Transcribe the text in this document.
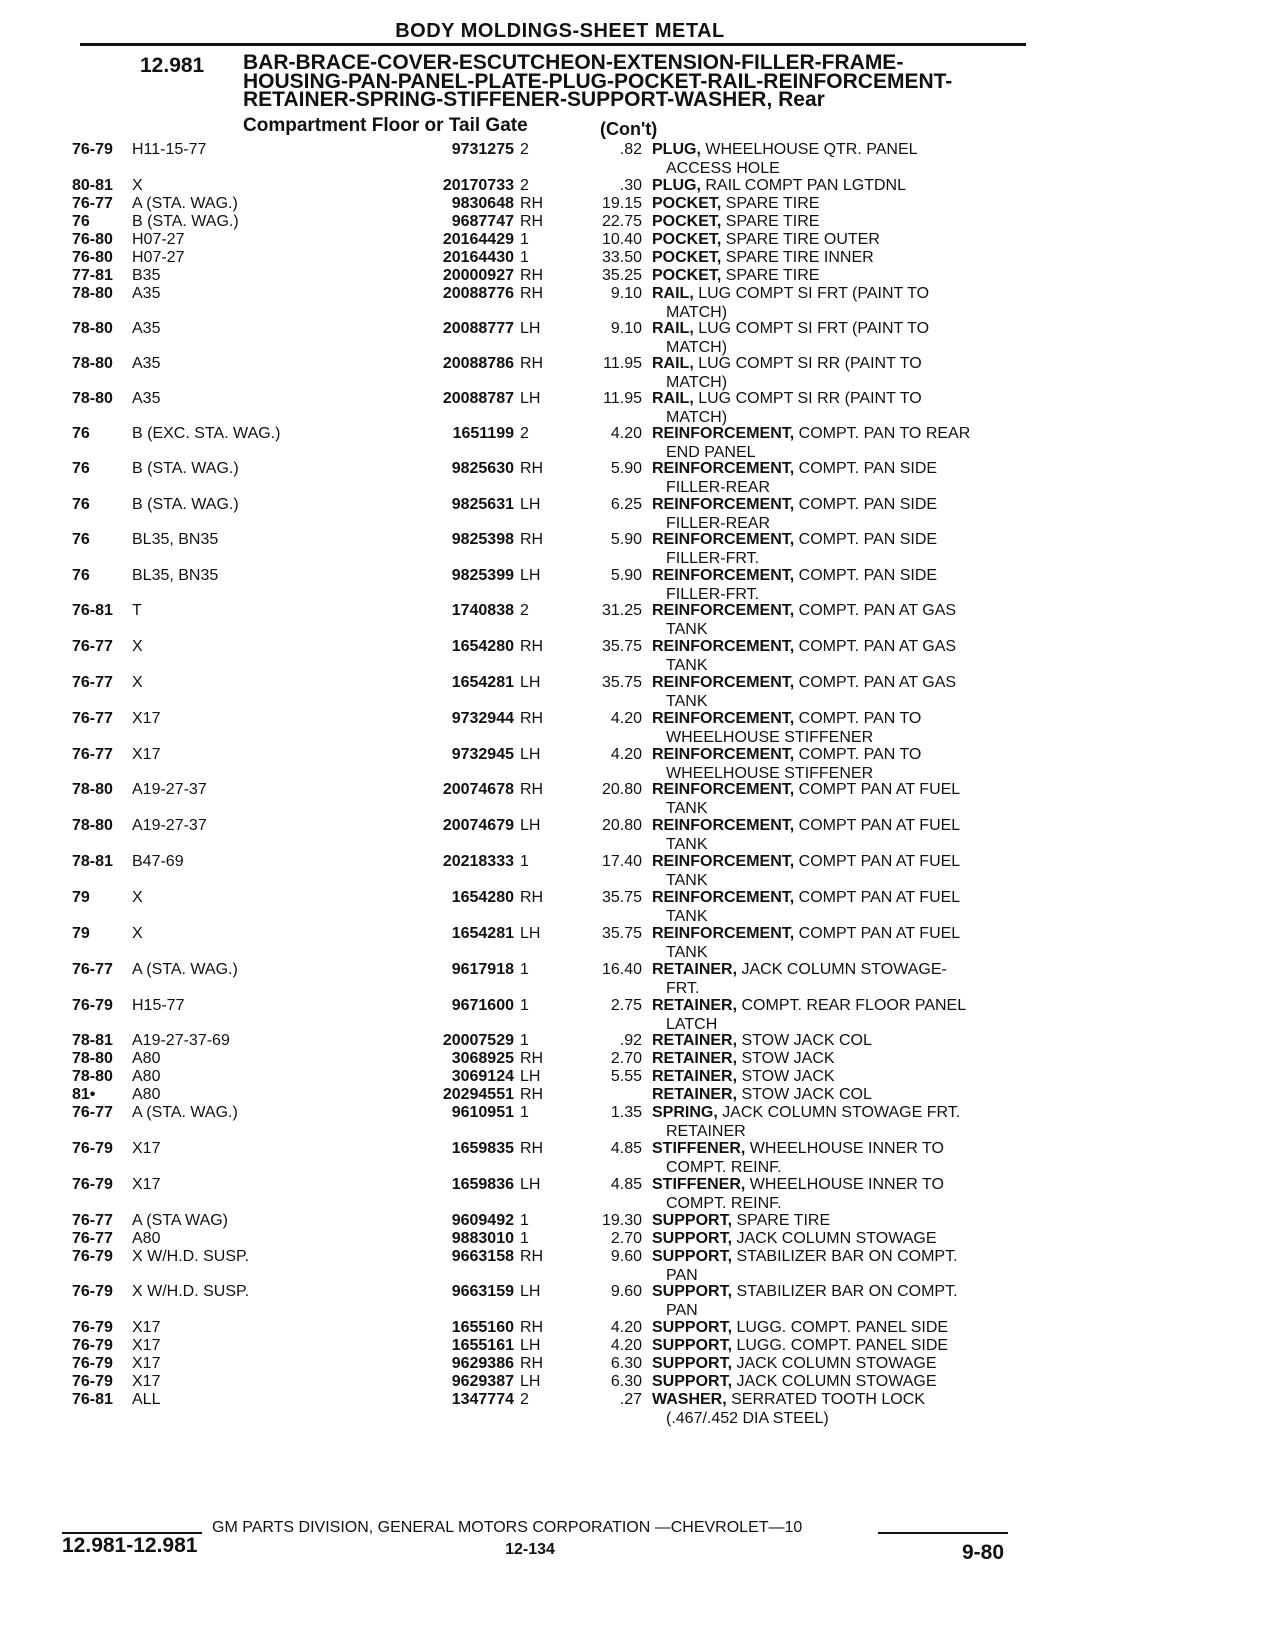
BODY MOLDINGS-SHEET METAL
12.981 BAR-BRACE-COVER-ESCUTCHEON-EXTENSION-FILLER-FRAME-
HOUSING-PAN-PANEL-PLATE-PLUG-POCKET-RAIL-REINFORCEMENT-
RETAINER-SPRING-STIFFENER-SUPPORT-WASHER, Rear
Compartment Floor or Tail Gate	(Con't)
76-79	H11-15-77	9731275 2	.82 PLUG, WHEELHOUSE QTR. PANEL
ACCESS HOLE
80-81	X	20170733 2	.30 PLUG, RAIL COMPT PAN LGTDNL
76-77	A (STA. WAG.)	9830648 RH	19.15 POCKET, SPARE TIRE
76	B (STA. WAG.)	9687747 RH	22.75 POCKET, SPARE TIRE
76-80	H07-27	20164429 1	10.40 POCKET, SPARE TIRE OUTER
76-80	H07-27	20164430 1	33.50 POCKET, SPARE TIRE INNER
77-81	B35	20000927 RH	35.25 POCKET, SPARE TIRE
78-80	A35	20088776 RH	9.10 RAIL, LUG COMPT SI FRT (PAINT TO
MATCH)
78-80	A35	20088777 LH	9.10 RAIL, LUG COMPT SI FRT (PAINT TO
MATCH)
78-80	A35	20088786 RH	11.95 RAIL, LUG COMPT SI RR (PAINT TO
MATCH)
78-80	A35	20088787 LH	11.95 RAIL, LUG COMPT SI RR (PAINT TO
MATCH)
76	B (EXC. STA. WAG.)	1651199 2	4.20 REINFORCEMENT, COMPT. PAN TO REAR
END PANEL
76	B (STA. WAG.)	9825630 RH	5.90 REINFORCEMENT, COMPT. PAN SIDE
FILLER-REAR
76	B (STA. WAG.)	9825631 LH	6.25 REINFORCEMENT, COMPT. PAN SIDE
FILLER-REAR
76	BL35, BN35	9825398 RH	5.90 REINFORCEMENT, COMPT. PAN SIDE
FILLER-FRT.
76	BL35, BN35	9825399 LH	5.90 REINFORCEMENT, COMPT. PAN SIDE
FILLER-FRT.
76-81	T	1740838 2	31.25 REINFORCEMENT, COMPT. PAN AT GAS
TANK
76-77	X	1654280 RH	35.75 REINFORCEMENT, COMPT. PAN AT GAS
TANK
76-77	X	1654281 LH	35.75 REINFORCEMENT, COMPT. PAN AT GAS
TANK
76-77	X17	9732944 RH	4.20 REINFORCEMENT, COMPT. PAN TO
WHEELHOUSE STIFFENER
76-77	X17	9732945 LH	4.20 REINFORCEMENT, COMPT. PAN TO
WHEELHOUSE STIFFENER
78-80	A19-27-37	20074678 RH	20.80 REINFORCEMENT, COMPT PAN AT FUEL
TANK
78-80	A19-27-37	20074679 LH	20.80 REINFORCEMENT, COMPT PAN AT FUEL
TANK
78-81	B47-69	20218333 1	17.40 REINFORCEMENT, COMPT PAN AT FUEL
TANK
79	X	1654280 RH	35.75 REINFORCEMENT, COMPT PAN AT FUEL
TANK
79	X	1654281 LH	35.75 REINFORCEMENT, COMPT PAN AT FUEL
TANK
76-77	A (STA. WAG.)	9617918 1	16.40 RETAINER, JACK COLUMN STOWAGE-
FRT.
76-79	H15-77	9671600 1	2.75 RETAINER, COMPT. REAR FLOOR PANEL
LATCH
78-81	A19-27-37-69	20007529 1	.92 RETAINER, STOW JACK COL
78-80	A80	3068925 RH	2.70 RETAINER, STOW JACK
78-80	A80	3069124 LH	5.55 RETAINER, STOW JACK
81•	A80	20294551 RH	RETAINER, STOW JACK COL
76-77	A (STA. WAG.)	9610951 1	1.35 SPRING, JACK COLUMN STOWAGE FRT.
RETAINER
76-79	X17	1659835 RH	4.85 STIFFENER, WHEELHOUSE INNER TO
COMPT. REINF.
76-79	X17	1659836 LH	4.85 STIFFENER, WHEELHOUSE INNER TO
COMPT. REINF.
76-77	A (STA WAG)	9609492 1	19.30 SUPPORT, SPARE TIRE
76-77	A80	9883010 1	2.70 SUPPORT, JACK COLUMN STOWAGE
76-79	X W/H.D. SUSP.	9663158 RH	9.60 SUPPORT, STABILIZER BAR ON COMPT.
PAN
76-79	X W/H.D. SUSP.	9663159 LH	9.60 SUPPORT, STABILIZER BAR ON COMPT.
PAN
76-79	X17	1655160 RH	4.20 SUPPORT, LUGG. COMPT. PANEL SIDE
76-79	X17	1655161 LH	4.20 SUPPORT, LUGG. COMPT. PANEL SIDE
76-79	X17	9629386 RH	6.30 SUPPORT, JACK COLUMN STOWAGE
76-79	X17	9629387 LH	6.30 SUPPORT, JACK COLUMN STOWAGE
76-81	ALL	1347774 2	.27 WASHER, SERRATED TOOTH LOCK
(.467/.452 DIA STEEL)
GM PARTS DIVISION, GENERAL MOTORS CORPORATION —CHEVROLET—10
12.981-12.981	12-134	9-80
